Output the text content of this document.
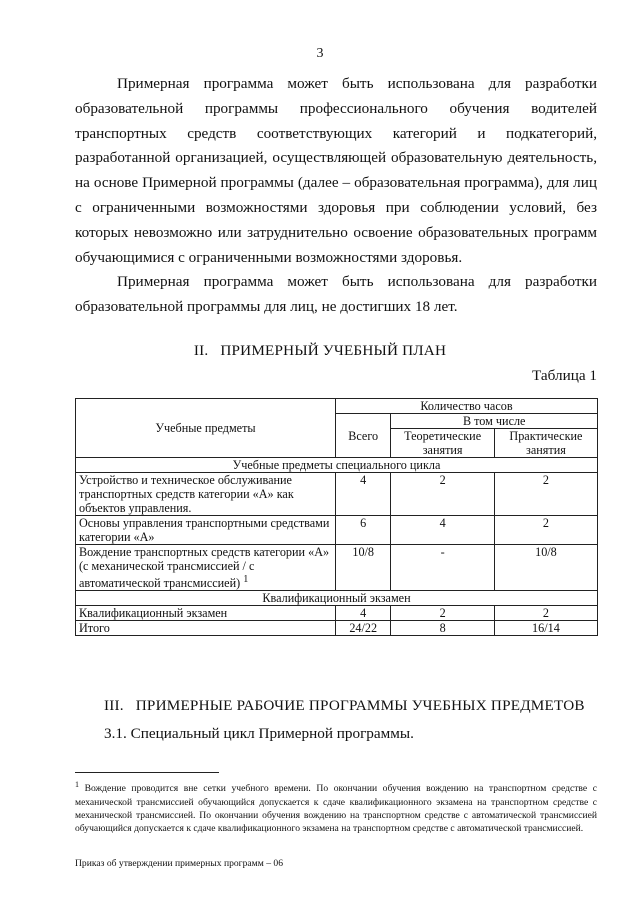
3
Примерная программа может быть использована для разработки образовательной программы профессионального обучения водителей транспортных средств соответствующих категорий и подкатегорий, разработанной организацией, осуществляющей образовательную деятельность, на основе Примерной программы (далее – образовательная программа), для лиц с ограниченными возможностями здоровья при соблюдении условий, без которых невозможно или затруднительно освоение образовательных программ обучающимися с ограниченными возможностями здоровья.
Примерная программа может быть использована для разработки образовательной программы для лиц, не достигших 18 лет.
II.   ПРИМЕРНЫЙ УЧЕБНЫЙ ПЛАН
Таблица 1
Учебные предметы	Количество часов		
	Всего	В том числе	
		Теоретические занятия	Практические занятия
Учебные предметы специального цикла			
Устройство и техническое обслуживание транспортных средств категории «А» как объектов управления.	4	2	2
Основы управления транспортными средствами категории «А»	6	4	2
Вождение транспортных средств категории «А» (с механической трансмиссией / с автоматической трансмиссией) $^1$	10/8	-	10/8
Квалификационный экзамен			
Квалификационный экзамен	4	2	2
Итого	24/22	8	16/14
III.   ПРИМЕРНЫЕ РАБОЧИЕ ПРОГРАММЫ УЧЕБНЫХ ПРЕДМЕТОВ
3.1. Специальный цикл Примерной программы.
$^1$ Вождение проводится вне сетки учебного времени. По окончании обучения вождению на транспортном средстве с механической трансмиссией обучающийся допускается к сдаче квалификационного экзамена на транспортном средстве с механической трансмиссией. По окончании обучения вождению на транспортном средстве с автоматической трансмиссией обучающийся допускается к сдаче квалификационного экзамена на транспортном средстве с автоматической трансмиссией.
Приказ об утверждении примерных программ – 06
